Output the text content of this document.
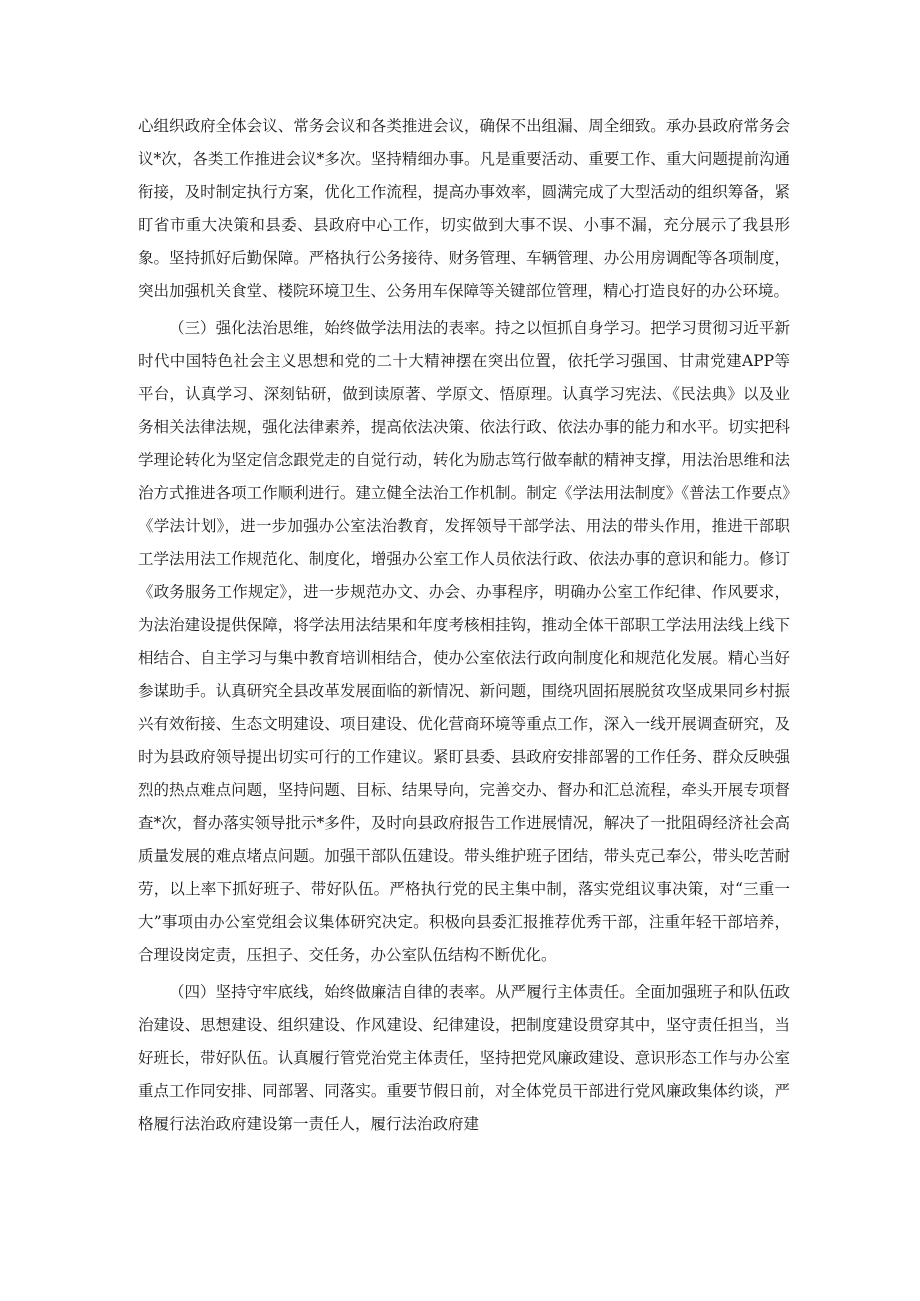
心组织政府全体会议、常务会议和各类推进会议，确保不出组漏、周全细致。承办县政府常务会议*次，各类工作推进会议*多次。坚持精细办事。凡是重要活动、重要工作、重大问题提前沟通衔接，及时制定执行方案，优化工作流程，提高办事效率，圆满完成了大型活动的组织筹备，紧盯省市重大决策和县委、县政府中心工作，切实做到大事不误、小事不漏，充分展示了我县形象。坚持抓好后勤保障。严格执行公务接待、财务管理、车辆管理、办公用房调配等各项制度，突出加强机关食堂、楼院环境卫生、公务用车保障等关键部位管理，精心打造良好的办公环境。

（三）强化法治思维，始终做学法用法的表率。持之以恒抓自身学习。把学习贯彻习近平新时代中国特色社会主义思想和党的二十大精神摆在突出位置，依托学习强国、甘肃党建APP等平台，认真学习、深刻钻研，做到读原著、学原文、悟原理。认真学习宪法、《民法典》以及业务相关法律法规，强化法律素养，提高依法决策、依法行政、依法办事的能力和水平。切实把科学理论转化为坚定信念跟党走的自觉行动，转化为励志笃行做奉献的精神支撑，用法治思维和法治方式推进各项工作顺利进行。建立健全法治工作机制。制定《学法用法制度》《普法工作要点》《学法计划》，进一步加强办公室法治教育，发挥领导干部学法、用法的带头作用，推进干部职工学法用法工作规范化、制度化，增强办公室工作人员依法行政、依法办事的意识和能力。修订《政务服务工作规定》，进一步规范办文、办会、办事程序，明确办公室工作纪律、作风要求，为法治建设提供保障，将学法用法结果和年度考核相挂钩，推动全体干部职工学法用法线上线下相结合、自主学习与集中教育培训相结合，使办公室依法行政向制度化和规范化发展。精心当好参谋助手。认真研究全县改革发展面临的新情况、新问题，围绕巩固拓展脱贫攻坚成果同乡村振兴有效衔接、生态文明建设、项目建设、优化营商环境等重点工作，深入一线开展调查研究，及时为县政府领导提出切实可行的工作建议。紧盯县委、县政府安排部署的工作任务、群众反映强烈的热点难点问题，坚持问题、目标、结果导向，完善交办、督办和汇总流程，牵头开展专项督查*次，督办落实领导批示*多件，及时向县政府报告工作进展情况，解决了一批阻碍经济社会高质量发展的难点堵点问题。加强干部队伍建设。带头维护班子团结，带头克己奉公，带头吃苦耐劳，以上率下抓好班子、带好队伍。严格执行党的民主集中制，落实党组议事决策，对“三重一大”事项由办公室党组会议集体研究决定。积极向县委汇报推荐优秀干部，注重年轻干部培养，合理设岗定责，压担子、交任务，办公室队伍结构不断优化。

（四）坚持守牢底线，始终做廉洁自律的表率。从严履行主体责任。全面加强班子和队伍政治建设、思想建设、组织建设、作风建设、纪律建设，把制度建设贯穿其中，坚守责任担当，当好班长，带好队伍。认真履行管党治党主体责任，坚持把党风廉政建设、意识形态工作与办公室重点工作同安排、同部署、同落实。重要节假日前，对全体党员干部进行党风廉政集体约谈，严格履行法治政府建设第一责任人，履行法治政府建
